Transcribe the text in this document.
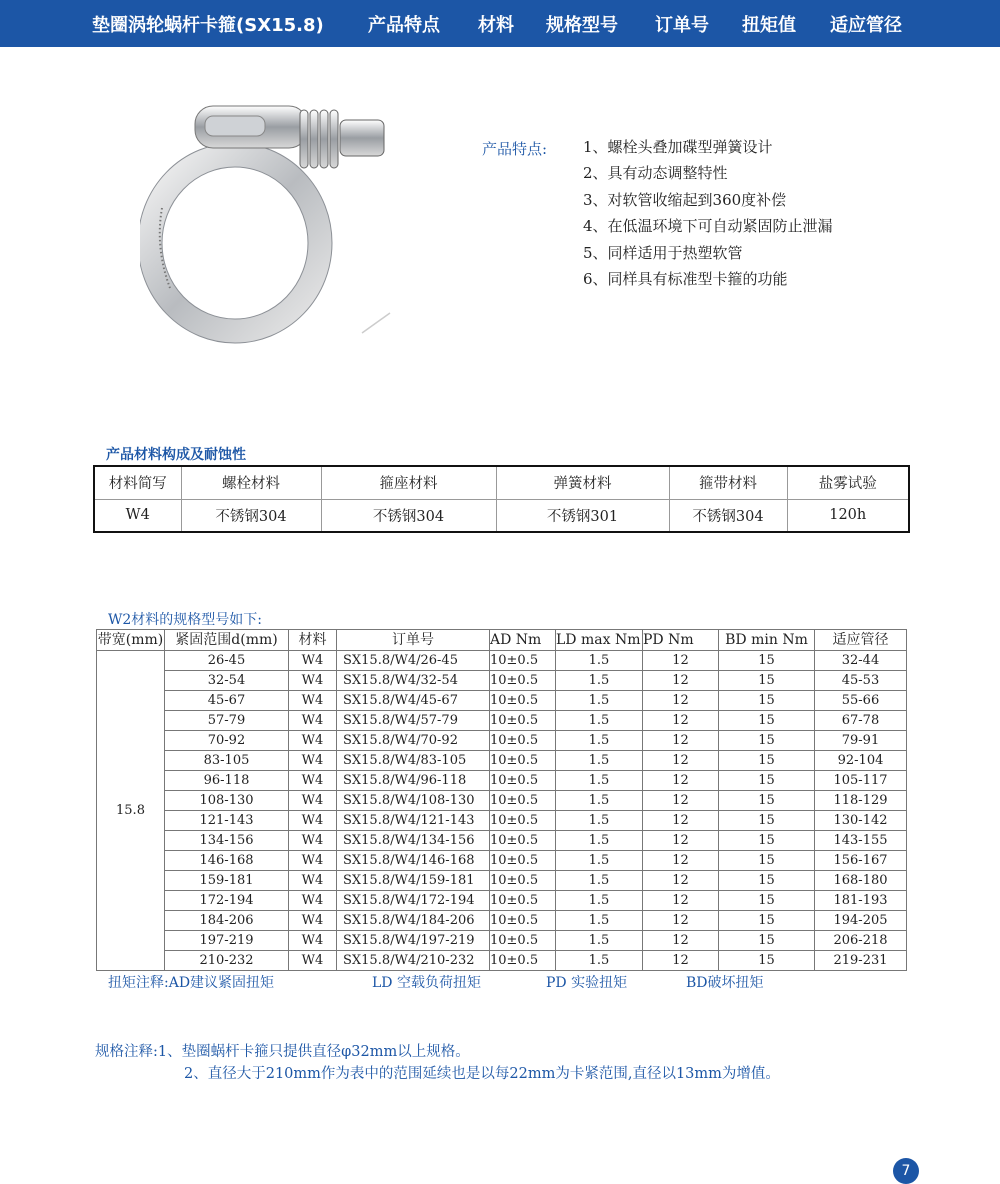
垫圈涡轮蜗杆卡箍(SX15.8) 产品特点 材料 规格型号 订单号 扭矩值 适应管径
产品特点: 1、螺栓头叠加碟型弹簧设计
2、具有动态调整特性
3、对软管收缩起到360度补偿
4、在低温环境下可自动紧固防止泄漏
5、同样适用于热塑软管
6、同样具有标准型卡箍的功能
产品材料构成及耐蚀性
材料简写	螺栓材料	箍座材料	弹簧材料	箍带材料	盐雾试验
W4	不锈钢304	不锈钢304	不锈钢301	不锈钢304	120h
W2材料的规格型号如下:
带宽(mm)	紧固范围d(mm)	材料	订单号	AD Nm	LD max Nm	PD Nm	BD min Nm	适应管径
15.8	26-45	W4	SX15.8/W4/26-45	10±0.5	1.5	12	15	32-44
	32-54	W4	SX15.8/W4/32-54	10±0.5	1.5	12	15	45-53
	45-67	W4	SX15.8/W4/45-67	10±0.5	1.5	12	15	55-66
	57-79	W4	SX15.8/W4/57-79	10±0.5	1.5	12	15	67-78
	70-92	W4	SX15.8/W4/70-92	10±0.5	1.5	12	15	79-91
	83-105	W4	SX15.8/W4/83-105	10±0.5	1.5	12	15	92-104
	96-118	W4	SX15.8/W4/96-118	10±0.5	1.5	12	15	105-117
	108-130	W4	SX15.8/W4/108-130	10±0.5	1.5	12	15	118-129
	121-143	W4	SX15.8/W4/121-143	10±0.5	1.5	12	15	130-142
	134-156	W4	SX15.8/W4/134-156	10±0.5	1.5	12	15	143-155
	146-168	W4	SX15.8/W4/146-168	10±0.5	1.5	12	15	156-167
	159-181	W4	SX15.8/W4/159-181	10±0.5	1.5	12	15	168-180
	172-194	W4	SX15.8/W4/172-194	10±0.5	1.5	12	15	181-193
	184-206	W4	SX15.8/W4/184-206	10±0.5	1.5	12	15	194-205
	197-219	W4	SX15.8/W4/197-219	10±0.5	1.5	12	15	206-218
	210-232	W4	SX15.8/W4/210-232	10±0.5	1.5	12	15	219-231
扭矩注释:AD建议紧固扭矩	LD 空载负荷扭矩	PD 实验扭矩	BD破坏扭矩
规格注释:1、垫圈蜗杆卡箍只提供直径φ32mm以上规格。
2、直径大于210mm作为表中的范围延续也是以每22mm为卡紧范围,直径以13mm为增值。
7
